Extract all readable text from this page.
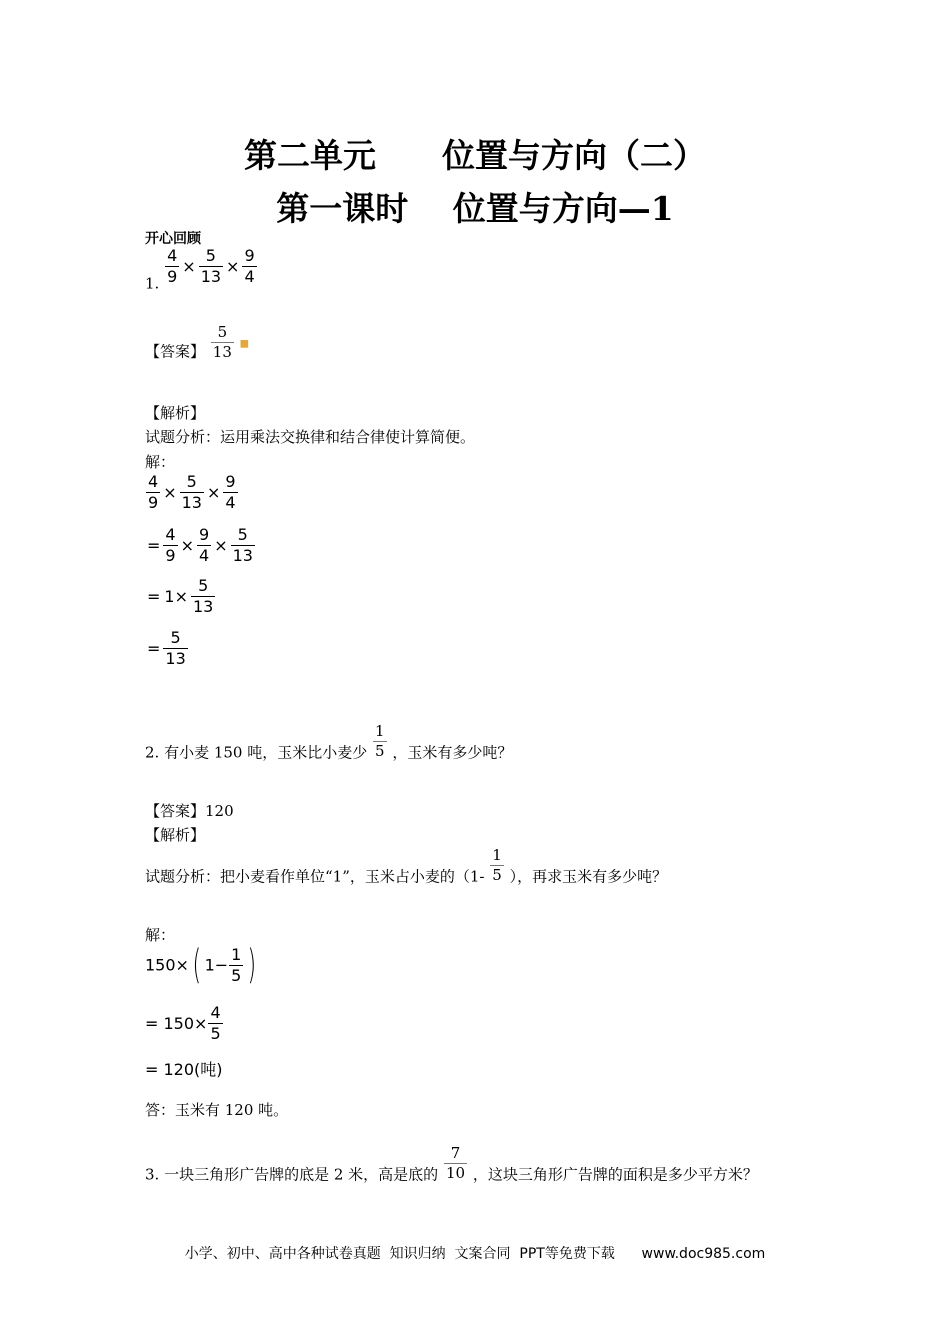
第二单元　　位置与方向（二）
第一课时　 位置与方向—1
开心回顾
1. $\frac{4}{9} \times \frac{5}{13} \times \frac{9}{4}$
【答案】 $\frac{5}{13}$ ■
【解析】
试题分析：运用乘法交换律和结合律使计算简便。
解：
$\frac{4}{9} \times \frac{5}{13} \times \frac{9}{4}$
= $\frac{4}{9} \times \frac{9}{4} \times \frac{5}{13}$
= $1\times \frac{5}{13}$
= $\frac{5}{13}$
2. 有小麦 150 吨，玉米比小麦少 $\frac{1}{5}$ ，玉米有多少吨？
【答案】120
【解析】
试题分析：把小麦看作单位“1”，玉米占小麦的（$1- \frac{1}{5}$ ），再求玉米有多少吨？
解：
150×( $1- \frac{1}{5}$ )
= $150\times \frac{4}{5}$
= 120(吨)
答：玉米有 120 吨。
3. 一块三角形广告牌的底是 2 米，高是底的 $\frac{7}{10}$ ，这块三角形广告牌的面积是多少平方米？
小学、初中、高中各种试卷真题  知识归纳  文案合同  PPT等免费下载      www.doc985.com
